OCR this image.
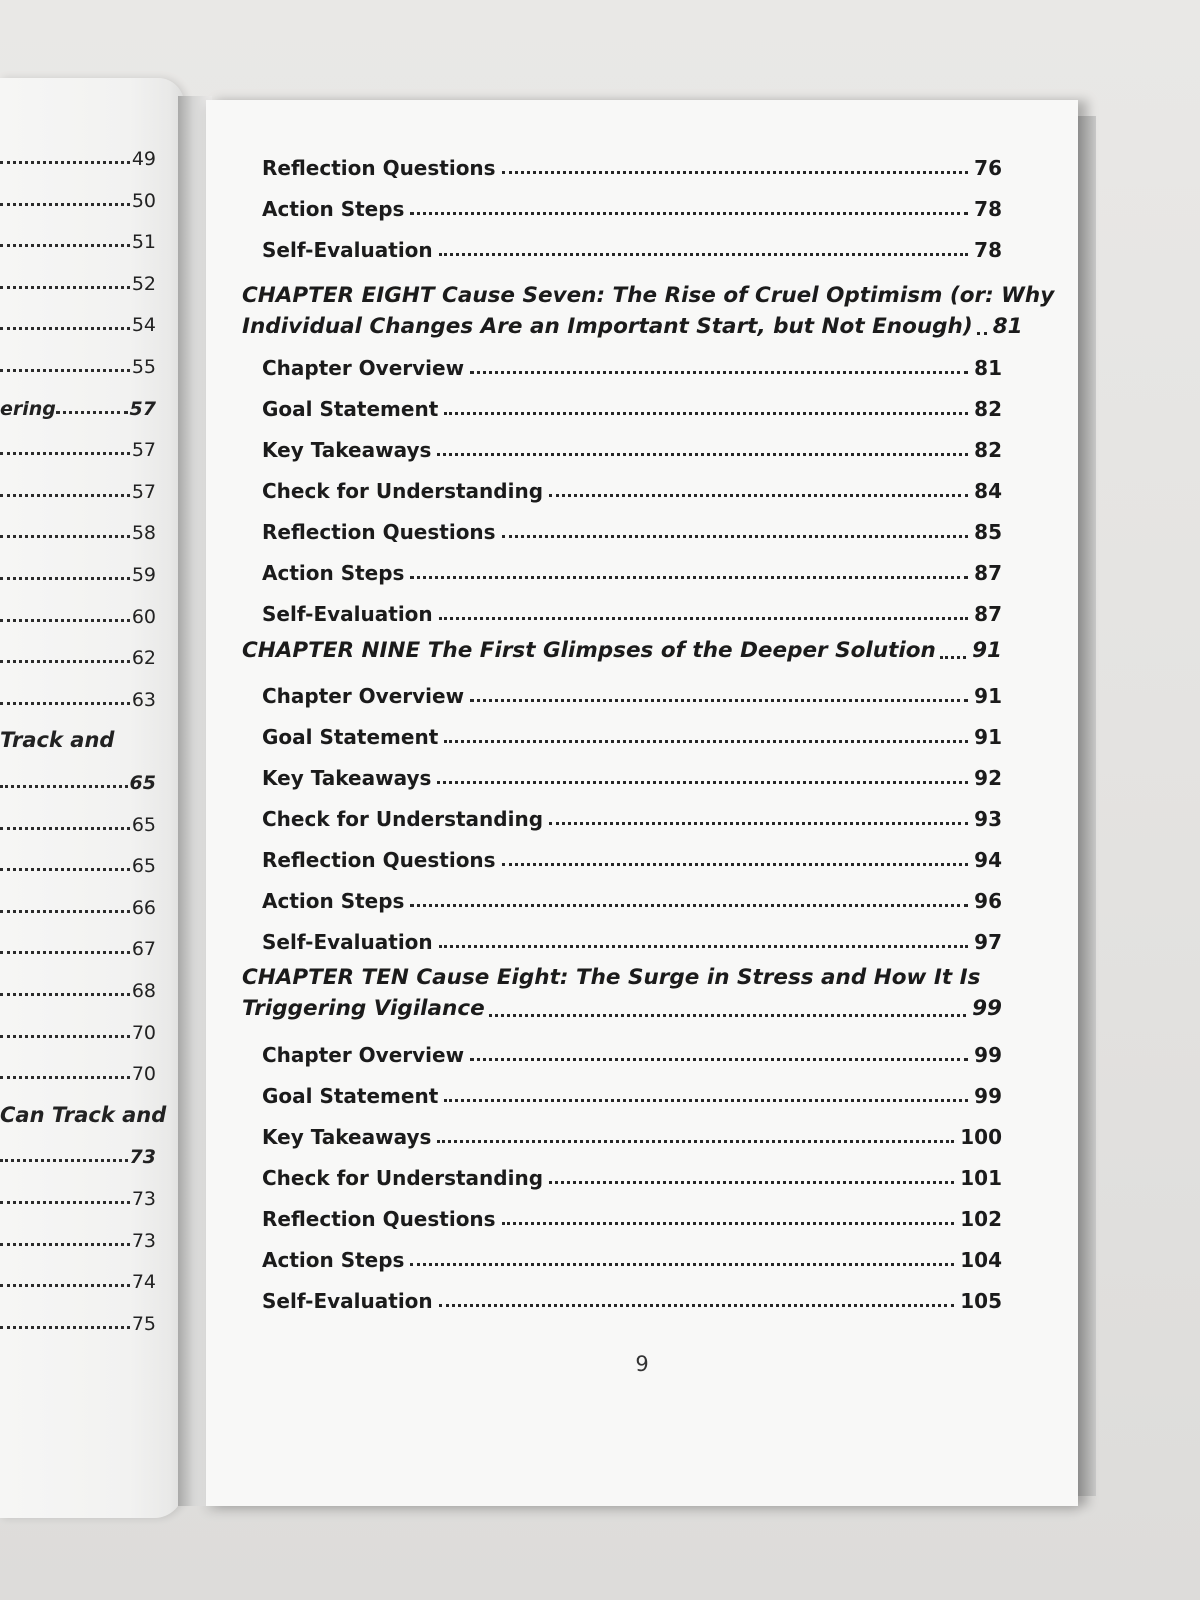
49
50
51
52
54
55
ering	57
57
57
58
59
60
62
63
Track and
65
65
65
66
67
68
70
70
Can Track and
73
73
73
74
75
Reflection Questions	76
Action Steps	78
Self-Evaluation	78
CHAPTER EIGHT Cause Seven: The Rise of Cruel Optimism (or: Why
Individual Changes Are an Important Start, but Not Enough) 81
Chapter Overview	81
Goal Statement	82
Key Takeaways	82
Check for Understanding	84
Reflection Questions	85
Action Steps	87
Self-Evaluation	87
CHAPTER NINE The First Glimpses of the Deeper Solution 91
Chapter Overview	91
Goal Statement	91
Key Takeaways	92
Check for Understanding	93
Reflection Questions	94
Action Steps	96
Self-Evaluation	97
CHAPTER TEN Cause Eight: The Surge in Stress and How It Is
Triggering Vigilance	99
Chapter Overview	99
Goal Statement	99
Key Takeaways	100
Check for Understanding	101
Reflection Questions	102
Action Steps	104
Self-Evaluation	105
9
